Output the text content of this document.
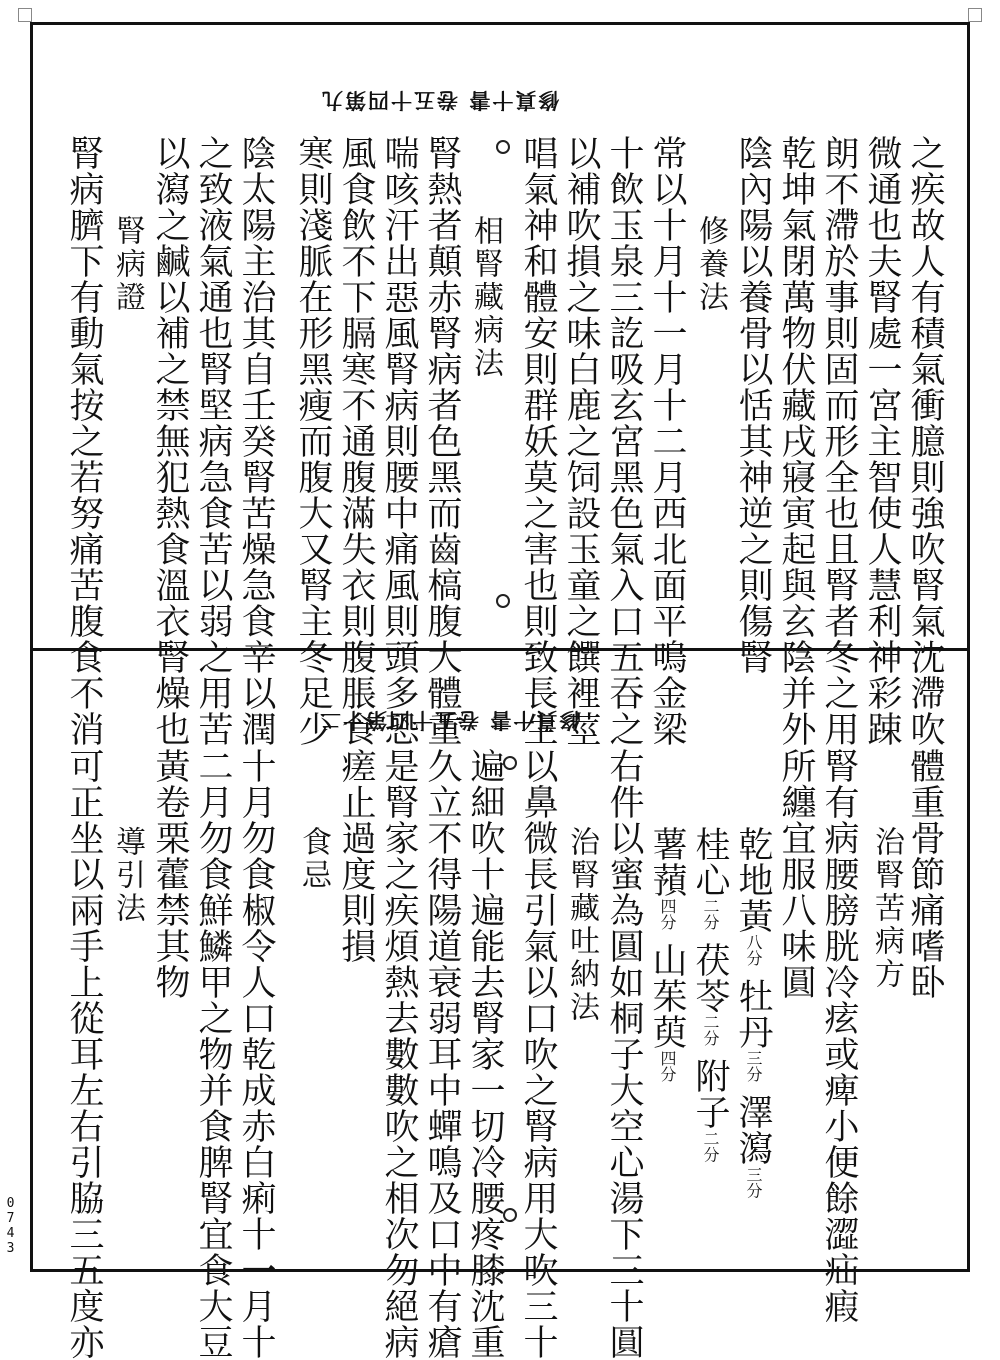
修真十書 卷五十四第九
之疾故人有積氣衝臆則強吹腎氣沈滯吹
微通也夫腎處一宮主智使人慧利神彩踈
朗不滯於事則固而形全也且腎者冬之用
乾坤氣閉萬物伏藏戌寢寅起與玄陰并外
陰內陽以養骨以恬其神逆之則傷腎
修養法
常以十月十一月十二月西北面平鳴金梁
十飲玉泉三訖吸玄宮黑色氣入口五吞之
以補吹損之味白鹿之饲設玉童之饌裡莖
唱氣神和體安則群妖莫之害也則致長生
相腎藏病法
腎熱者顛赤腎病者色黑而齒槁腹大體重
喘咳汗出惡風腎病則腰中痛風則頭多恐
風食飲不下膈寒不通腹滿失衣則腹脹食
寒則淺脈在形黑瘦而腹大又腎主冬足少
陰太陽主治其自壬癸腎苦燥急食辛以潤
之致液氣通也腎堅病急食苦以弱之用苦
以瀉之鹹以補之禁無犯熱食溫衣腎燥也
腎病證
腎病臍下有動氣按之若努痛苦腹食不消	修真十書 卷五十四第十二
體重骨節痛嗜卧
治腎苦病方
腎有病腰膀胱冷痃或痺小便餘澀疝瘕
所纏宜服八味圓
乾地黃八分 牡丹三分 澤瀉三分
桂心二分 茯苓二分 附子二分
薯蕷四分 山茱萸四分
右件以蜜為圓如桐子大空心湯下三十圓
治腎藏吐納法
以鼻微長引氣以口吹之腎病用大吹三十
遍細吹十遍能去腎家一切冷腰疼膝沈重
久立不得陽道衰弱耳中蟬鳴及口中有瘡
是腎家之疾煩熱去數數吹之相次勿絕病
瘥止過度則損
食忌
十月勿食椒令人口乾成赤白痢十一月十
二月勿食鮮鱗甲之物并食脾腎宜食大豆
黃卷栗藿禁其物
導引法
可正坐以兩手上從耳左右引脇三五度亦
0743
